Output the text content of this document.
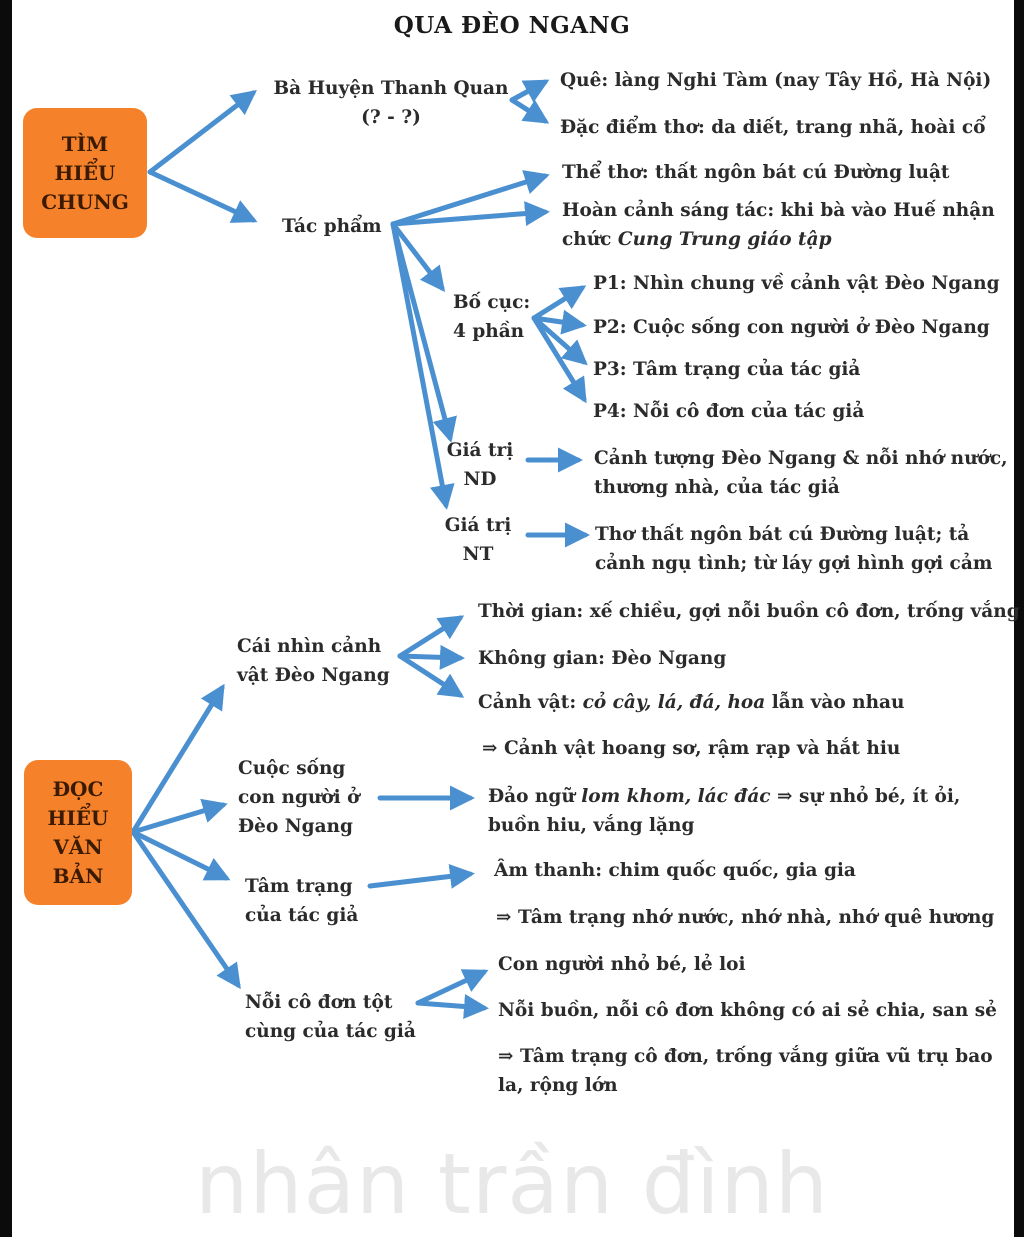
QUA ĐÈO NGANG
TÌM
HIỂU
CHUNG
Bà Huyện Thanh Quan
(? - ?)
Quê: làng Nghi Tàm (nay Tây Hồ, Hà Nội)
Đặc điểm thơ: da diết, trang nhã, hoài cổ
Tác phẩm
Thể thơ: thất ngôn bát cú Đường luật
Hoàn cảnh sáng tác: khi bà vào Huế nhận
chức Cung Trung giáo tập
Bố cục:
4 phần
P1: Nhìn chung về cảnh vật Đèo Ngang
P2: Cuộc sống con người ở Đèo Ngang
P3: Tâm trạng của tác giả
P4: Nỗi cô đơn của tác giả
Giá trị
ND
Cảnh tượng Đèo Ngang & nỗi nhớ nước,
thương nhà, của tác giả
Giá trị
NT
Thơ thất ngôn bát cú Đường luật; tả
cảnh ngụ tình; từ láy gợi hình gợi cảm
ĐỌC
HIỂU
VĂN
BẢN
Cái nhìn cảnh
vật Đèo Ngang
Thời gian: xế chiều, gợi nỗi buồn cô đơn, trống vắng
Không gian: Đèo Ngang
Cảnh vật: cỏ cây, lá, đá, hoa lẫn vào nhau
⇒ Cảnh vật hoang sơ, rậm rạp và hắt hiu
Cuộc sống
con người ở
Đèo Ngang
Đảo ngữ lom khom, lác đác ⇒ sự nhỏ bé, ít ỏi,
buồn hiu, vắng lặng
Tâm trạng
của tác giả
Âm thanh: chim quốc quốc, gia gia
⇒ Tâm trạng nhớ nước, nhớ nhà, nhớ quê hương
Nỗi cô đơn tột
cùng của tác giả
Con người nhỏ bé, lẻ loi
Nỗi buồn, nỗi cô đơn không có ai sẻ chia, san sẻ
⇒ Tâm trạng cô đơn, trống vắng giữa vũ trụ bao
la, rộng lớn
nhân trần đình
